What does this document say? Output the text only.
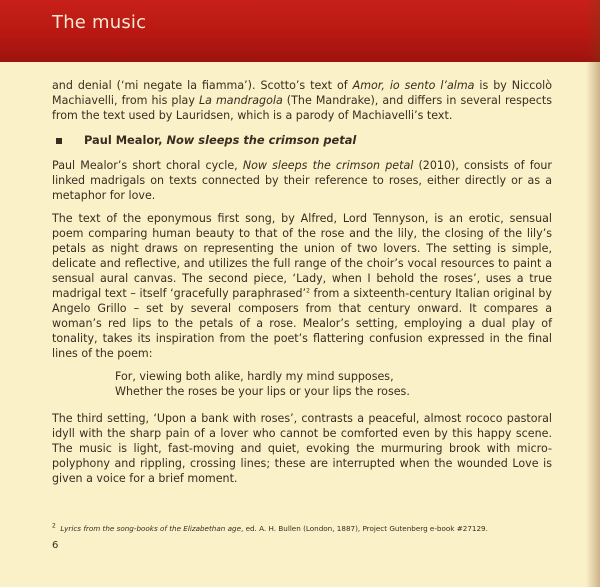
The music

and denial (‘mi negate la fiamma’). Scotto’s text of Amor, io sento l’alma is by Niccolò Machiavelli, from his play La mandragola (The Mandrake), and differs in several respects from the text used by Lauridsen, which is a parody of Machiavelli’s text.

Paul Mealor,
Now sleeps the crimson petal

Paul Mealor’s short choral cycle, Now sleeps the crimson petal (2010), consists of four linked madrigals on texts connected by their reference to roses, either directly or as a metaphor for love.

The text of the eponymous first song, by Alfred, Lord Tennyson, is an erotic, sensual poem comparing human beauty to that of the rose and the lily, the closing of the lily’s petals as night draws on representing the union of two lovers. The setting is simple, delicate and reflective, and utilizes the full range of the choir’s vocal resources to paint a sensual aural canvas. The second piece, ‘Lady, when I behold the roses’, uses a true madrigal text – itself ‘gracefully paraphrased’$^2$ from a sixteenth-century Italian original by Angelo Grillo – set by several composers from that century onward. It compares a woman’s red lips to the petals of a rose. Mealor’s setting, employing a dual play of tonality, takes its inspiration from the poet’s flattering confusion expressed in the final lines of the poem:

For, viewing both alike, hardly my mind supposes,
Whether the roses be your lips or your lips the roses.

The third setting, ‘Upon a bank with roses’, contrasts a peaceful, almost rococo pastoral idyll with the sharp pain of a lover who cannot be comforted even by this happy scene. The music is light, fast-moving and quiet, evoking the murmuring brook with micro-polyphony and rippling, crossing lines; these are interrupted when the wounded Love is given a voice for a brief moment.

$^2$ Lyrics from the song-books of the Elizabethan age, ed. A. H. Bullen (London, 1887), Project Gutenberg e-book #27129.
6
